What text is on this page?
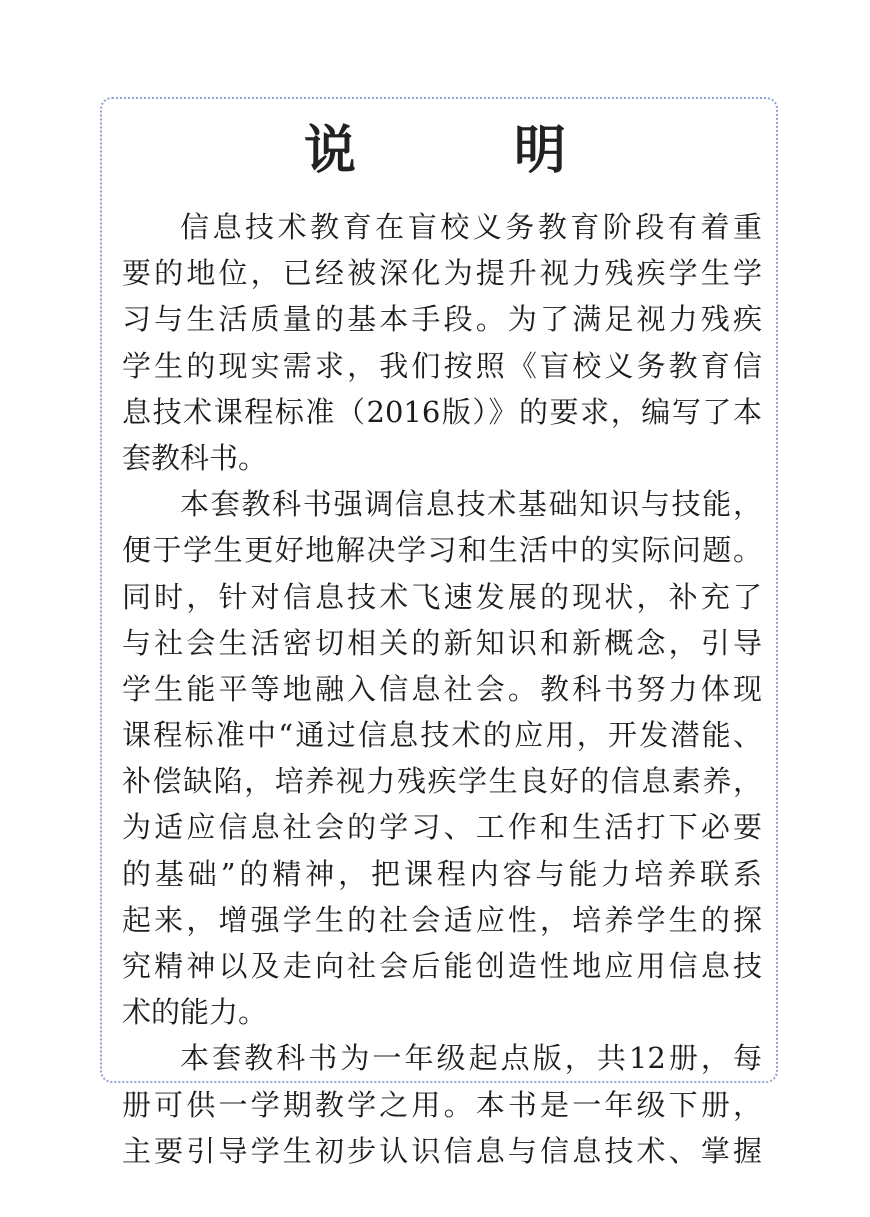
说 明
信息技术教育在盲校义务教育阶段有着重
要的地位，已经被深化为提升视力残疾学生学
习与生活质量的基本手段。为了满足视力残疾
学生的现实需求，我们按照《盲校义务教育信
息技术课程标准（2016版）》的要求，编写了本
套教科书。
本套教科书强调信息技术基础知识与技能，
便于学生更好地解决学习和生活中的实际问题。
同时，针对信息技术飞速发展的现状，补充了
与社会生活密切相关的新知识和新概念，引导
学生能平等地融入信息社会。教科书努力体现
课程标准中“通过信息技术的应用，开发潜能、
补偿缺陷，培养视力残疾学生良好的信息素养，
为适应信息社会的学习、工作和生活打下必要
的基础”的精神，把课程内容与能力培养联系
起来，增强学生的社会适应性，培养学生的探
究精神以及走向社会后能创造性地应用信息技
术的能力。
本套教科书为一年级起点版，共12册，每
册可供一学期教学之用。本书是一年级下册，
主要引导学生初步认识信息与信息技术、掌握
